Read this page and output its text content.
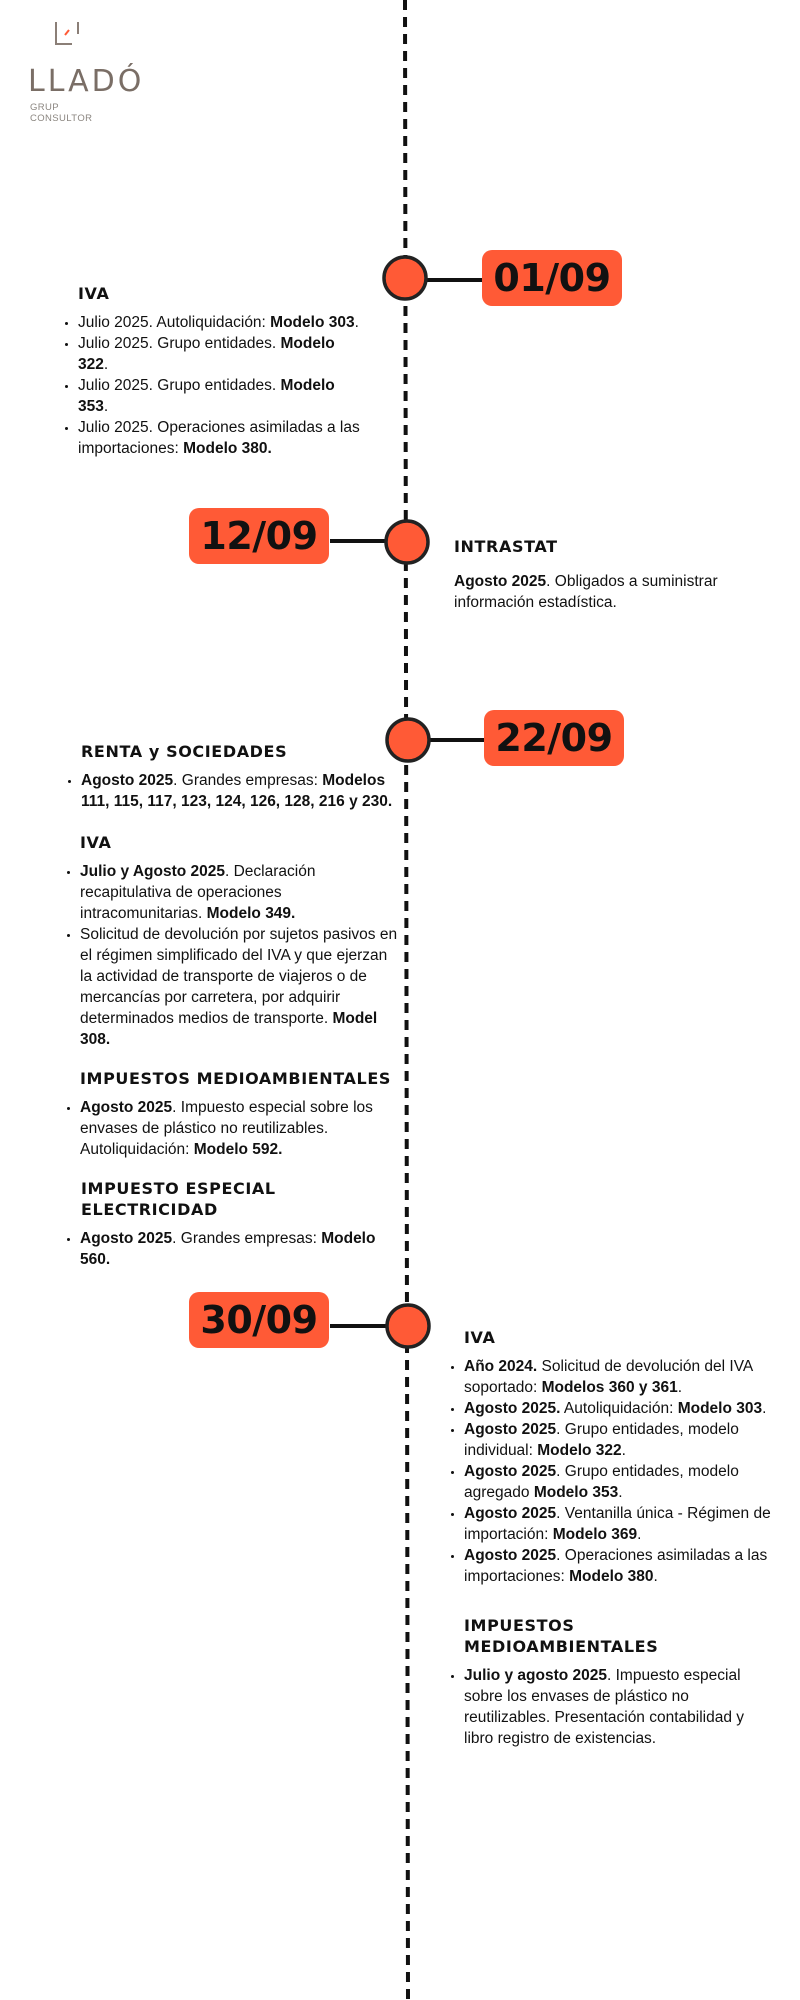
LLADÓ
GRUP CONSULTOR
01/09
12/09
22/09
30/09
IVA
• Julio 2025. Autoliquidación: Modelo 303.
• Julio 2025. Grupo entidades. Modelo 322.
• Julio 2025. Grupo entidades. Modelo 353.
• Julio 2025. Operaciones asimiladas a las importaciones: Modelo 380.
INTRASTAT

Agosto 2025. Obligados a suministrar información estadística.

RENTA y SOCIEDADES
• Agosto 2025. Grandes empresas: Modelos 111, 115, 117, 123, 124, 126, 128, 216 y 230.
IVA
• Julio y Agosto 2025. Declaración recapitulativa de operaciones intracomunitarias. Modelo 349.
• Solicitud de devolución por sujetos pasivos en el régimen simplificado del IVA y que ejerzan la actividad de transporte de viajeros o de mercancías por carretera, por adquirir determinados medios de transporte. Model 308.
IMPUESTOS MEDIOAMBIENTALES
• Agosto 2025. Impuesto especial sobre los envases de plástico no reutilizables. Autoliquidación: Modelo 592.
IMPUESTO ESPECIAL ELECTRICIDAD
• Agosto 2025. Grandes empresas: Modelo 560.
IVA
• Año 2024. Solicitud de devolución del IVA soportado: Modelos 360 y 361.
• Agosto 2025. Autoliquidación: Modelo 303.
• Agosto 2025. Grupo entidades, modelo individual: Modelo 322.
• Agosto 2025. Grupo entidades, modelo agregado Modelo 353.
• Agosto 2025. Ventanilla única - Régimen de importación: Modelo 369.
• Agosto 2025. Operaciones asimiladas a las importaciones: Modelo 380.
IMPUESTOS MEDIOAMBIENTALES
• Julio y agosto 2025. Impuesto especial sobre los envases de plástico no reutilizables. Presentación contabilidad y libro registro de existencias.
